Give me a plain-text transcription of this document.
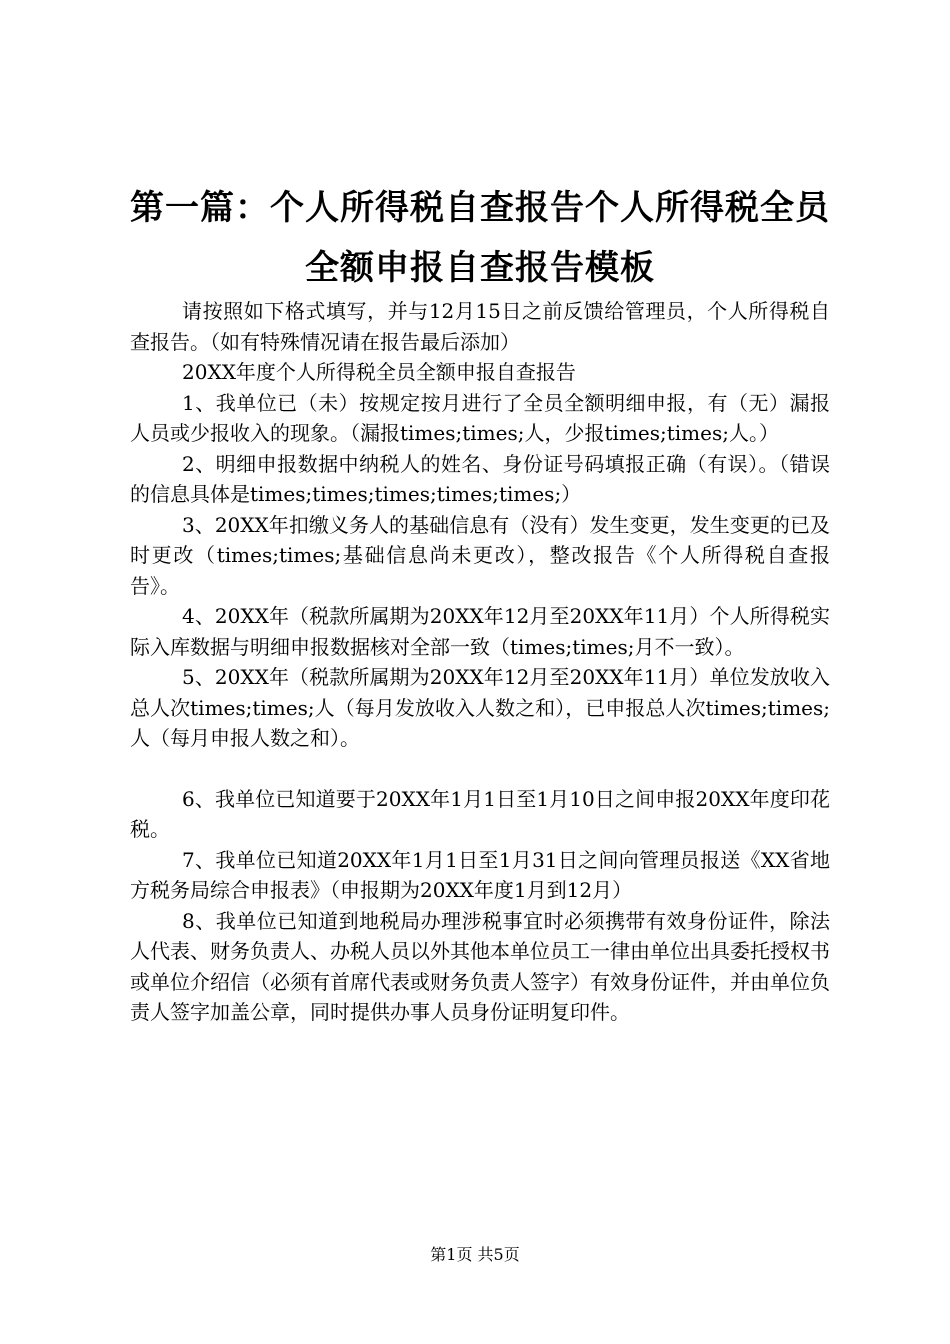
第一篇：个人所得税自查报告个人所得税全员
全额申报自查报告模板

请按照如下格式填写，并与12月15日之前反馈给管理员，个人所得税自查报告。（如有特殊情况请在报告最后添加）

20XX年度个人所得税全员全额申报自查报告

1、我单位已（未）按规定按月进行了全员全额明细申报，有（无）漏报人员或少报收入的现象。（漏报times;times;人，少报times;times;人。）

2、明细申报数据中纳税人的姓名、身份证号码填报正确（有误）。（错误的信息具体是times;times;times;times;times;）

3、20XX年扣缴义务人的基础信息有（没有）发生变更，发生变更的已及时更改（times;times;基础信息尚未更改），整改报告《个人所得税自查报告》。

4、20XX年（税款所属期为20XX年12月至20XX年11月）个人所得税实际入库数据与明细申报数据核对全部一致（times;times;月不一致）。

5、20XX年（税款所属期为20XX年12月至20XX年11月）单位发放收入总人次times;times;人（每月发放收入人数之和），已申报总人次times;times;人（每月申报人数之和）。

6、我单位已知道要于20XX年1月1日至1月10日之间申报20XX年度印花税。

7、我单位已知道20XX年1月1日至1月31日之间向管理员报送《XX省地方税务局综合申报表》（申报期为20XX年度1月到12月）

8、我单位已知道到地税局办理涉税事宜时必须携带有效身份证件，除法人代表、财务负责人、办税人员以外其他本单位员工一律由单位出具委托授权书或单位介绍信（必须有首席代表或财务负责人签字）有效身份证件，并由单位负责人签字加盖公章，同时提供办事人员身份证明复印件。

第1页 共5页
